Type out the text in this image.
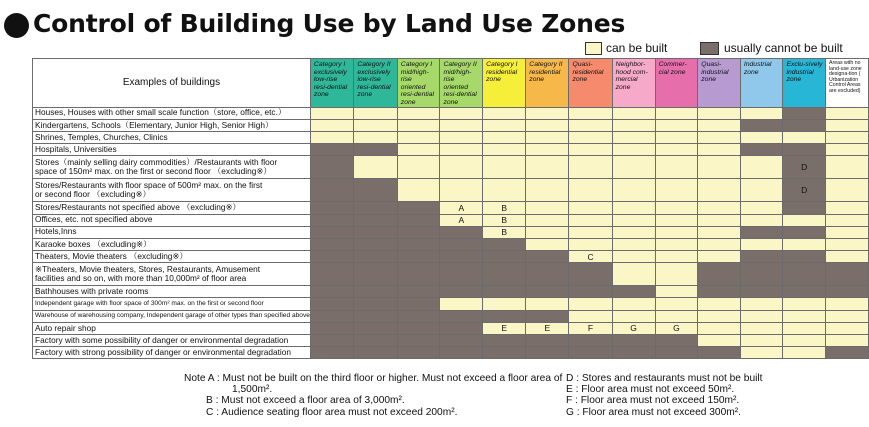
Control of Building Use by Land Use Zones
can be built	usually cannot be built
Examples of buildings	Category I exclusively low-rise resi-dential zone	Category II exclusively low-rise resi-dential zone	Category I mid/high-rise oriented resi-dential zone	Category II mid/high-rise oriented resi-dential zone	Category I residential zone	Category II residential zone	Quasi-residential zone	Neighbor-hood com-mercial zone	Commer-cial zone	Quasi-industrial zone	Industrial zone	Exclu-sively industrial zone	Areas with no land-use zone designa-tion ( Urbanization Control Areas are excluded)

Houses, Houses with other small scale function（store, office, etc.）													

Kindergartens, Schools（Elementary, Junior High, Senior High）													

Shrines, Temples, Churches, Clinics													

Hospitals, Universities													

Stores（mainly selling dairy commodities）/Restaurants with floor
space of 150m² max. on the first or second floor （excluding※）												D	

Stores/Restaurants with floor space of 500m² max. on the first
or second floor （excluding※）												D	

Stores/Restaurants not specified above （excluding※）				A	B								

Offices, etc. not specified above				A	B								

Hotels,Inns					B								

Karaoke boxes （excluding※）													

Theaters, Movie theaters （excluding※）							C						

※Theaters, Movie theaters, Stores, Restaurants, Amusement
facilities and so on, with more than 10,000m² of floor area													

Bathhouses with private rooms													

Independent garage with floor space of 300m² max. on the first or second floor													

Warehouse of warehousing company, Independent garage of other types than specified above													

Auto repair shop					E	E	F	G	G				

Factory with some possibility of danger or environmental degradation													

Factory with strong possibility of danger or environmental degradation													

Note A : Must not be built on the third floor or higher. Must not exceed a floor area of
1,500m².
B : Must not exceed a floor area of 3,000m².
C : Audience seating floor area must not exceed 200m².
D : Stores and restaurants must not be built
E : Floor area must not exceed 50m².
F : Floor area must not exceed 150m².
G : Floor area must not exceed 300m².
